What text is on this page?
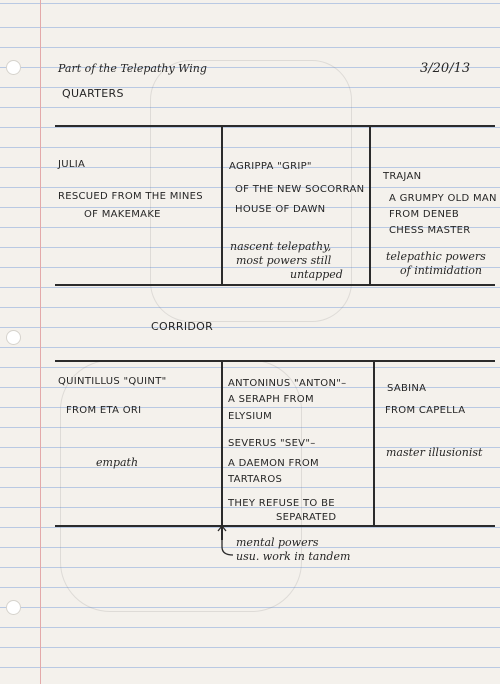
Part of the Telepathy Wing	3/20/13
QUARTERS
JULIA
RESCUED FROM THE MINES
OF MAKEMAKE
AGRIPPA "GRIP"
OF THE NEW SOCORRAN
HOUSE OF DAWN
nascent telepathy,
most powers still
untapped
TRAJAN
A GRUMPY OLD MAN
FROM DENEB
CHESS MASTER
telepathic powers
of intimidation
CORRIDOR
QUINTILLUS "QUINT"
FROM ETA ORI
empath
ANTONINUS "ANTON"–
A SERAPH FROM
ELYSIUM
SEVERUS "SEV"–
A DAEMON FROM
TARTAROS
THEY REFUSE TO BE
SEPARATED
SABINA
FROM CAPELLA
master illusionist
mental powers
usu. work in tandem
